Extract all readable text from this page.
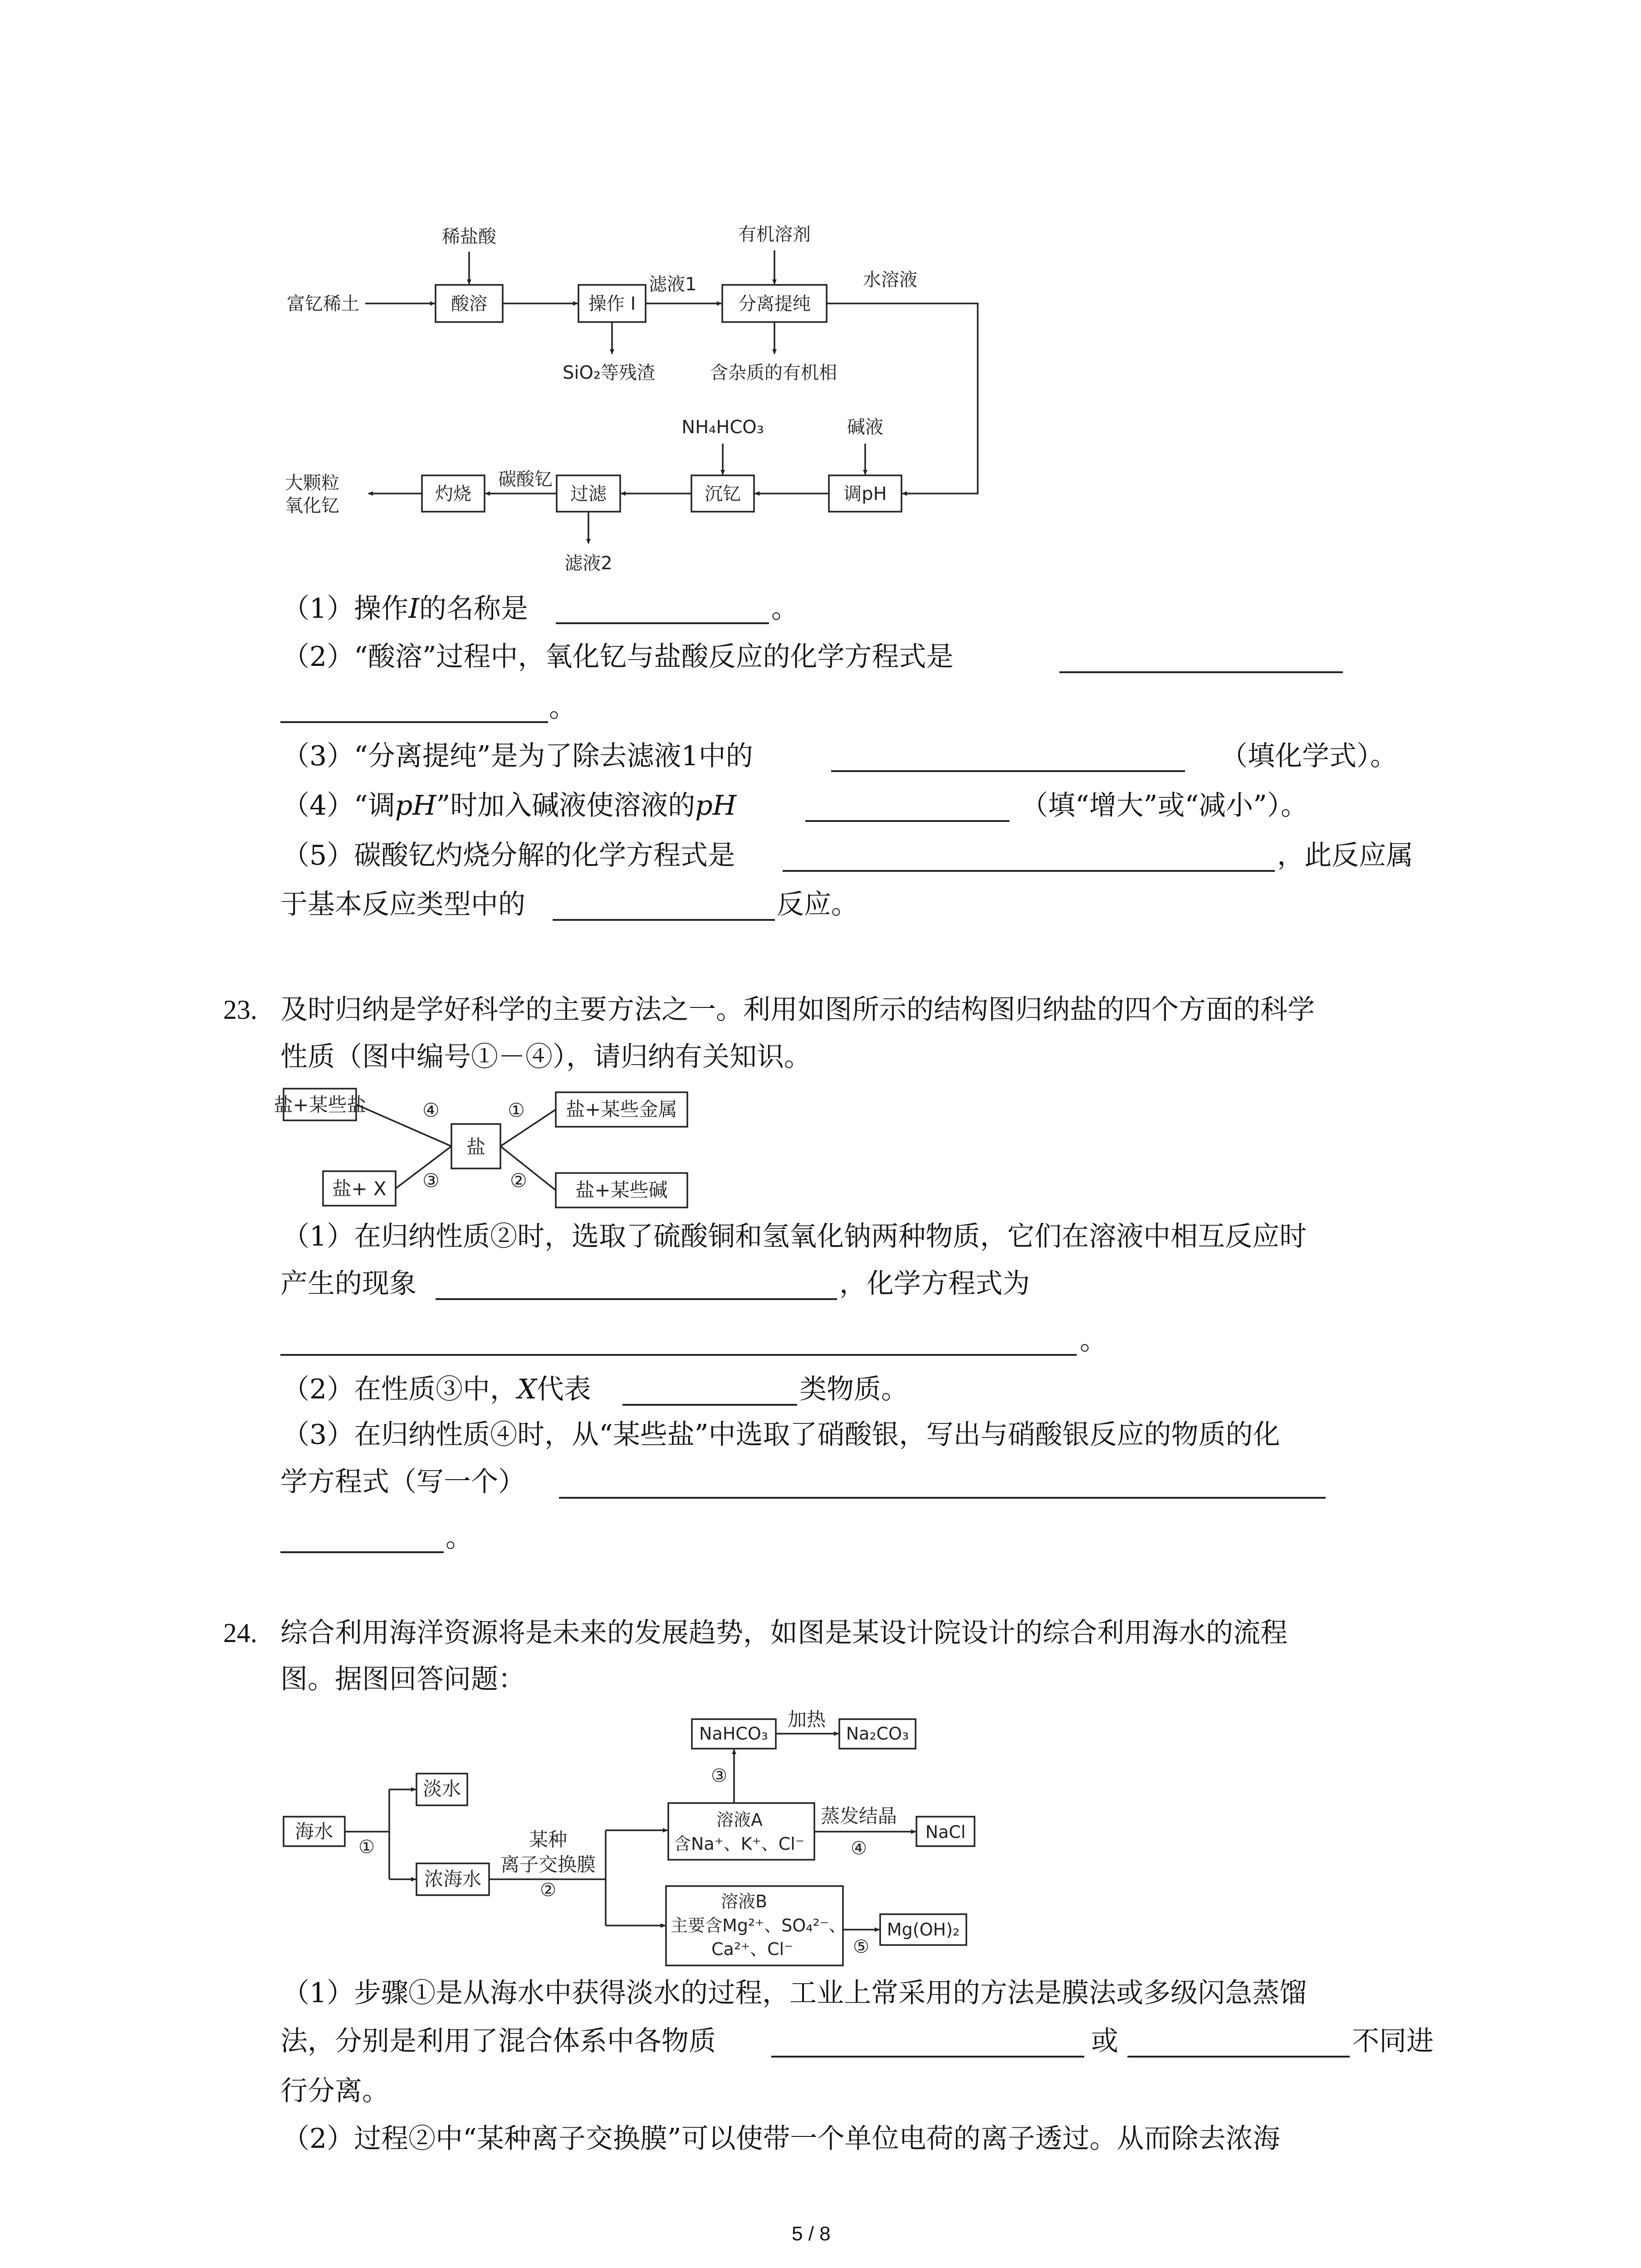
稀盐酸
富钇稀土	酸溶	操作 I
滤液1
有机溶剂
分离提纯
水溶液
SiO₂等残渣	含杂质的有机相
NH₄HCO₃	碱液
大颗粒
氧化钇
灼烧
碳酸钇
过滤	沉钇	调pH
滤液2
（1）操作I的名称是	。
（2）“酸溶”过程中，氧化钇与盐酸反应的化学方程式是
。
（3）“分离提纯”是为了除去滤液1中的	（填化学式）。
（4）“调pH”时加入碱液使溶液的pH	（填“增大”或“减小”）。
（5）碳酸钇灼烧分解的化学方程式是	，此反应属
于基本反应类型中的	反应。
23. 及时归纳是学好科学的主要方法之一。利用如图所示的结构图归纳盐的四个方面的科学
性质（图中编号①－④），请归纳有关知识。
盐+某些盐	盐+某些金属
盐
盐+ X	盐+某些碱
④	①
③	②
（1）在归纳性质②时，选取了硫酸铜和氢氧化钠两种物质，它们在溶液中相互反应时
产生的现象	，化学方程式为
。
（2）在性质③中，X代表	类物质。
（3）在归纳性质④时，从“某些盐”中选取了硝酸银，写出与硝酸银反应的物质的化
学方程式（写一个）
。
24. 综合利用海洋资源将是未来的发展趋势，如图是某设计院设计的综合利用海水的流程
图。据图回答问题：
NaHCO₃
加热
Na₂CO₃
淡水
海水
①
浓海水
某种
离子交换膜
②
③
溶液A
含Na⁺、K⁺、Cl⁻
蒸发结晶
④
NaCl
溶液B
主要含Mg²⁺、SO₄²⁻、
Ca²⁺、Cl⁻	⑤
Mg(OH)₂
（1）步骤①是从海水中获得淡水的过程，工业上常采用的方法是膜法或多级闪急蒸馏
法，分别是利用了混合体系中各物质	或	不同进
行分离。
（2）过程②中“某种离子交换膜”可以使带一个单位电荷的离子透过。从而除去浓海
5 / 8
